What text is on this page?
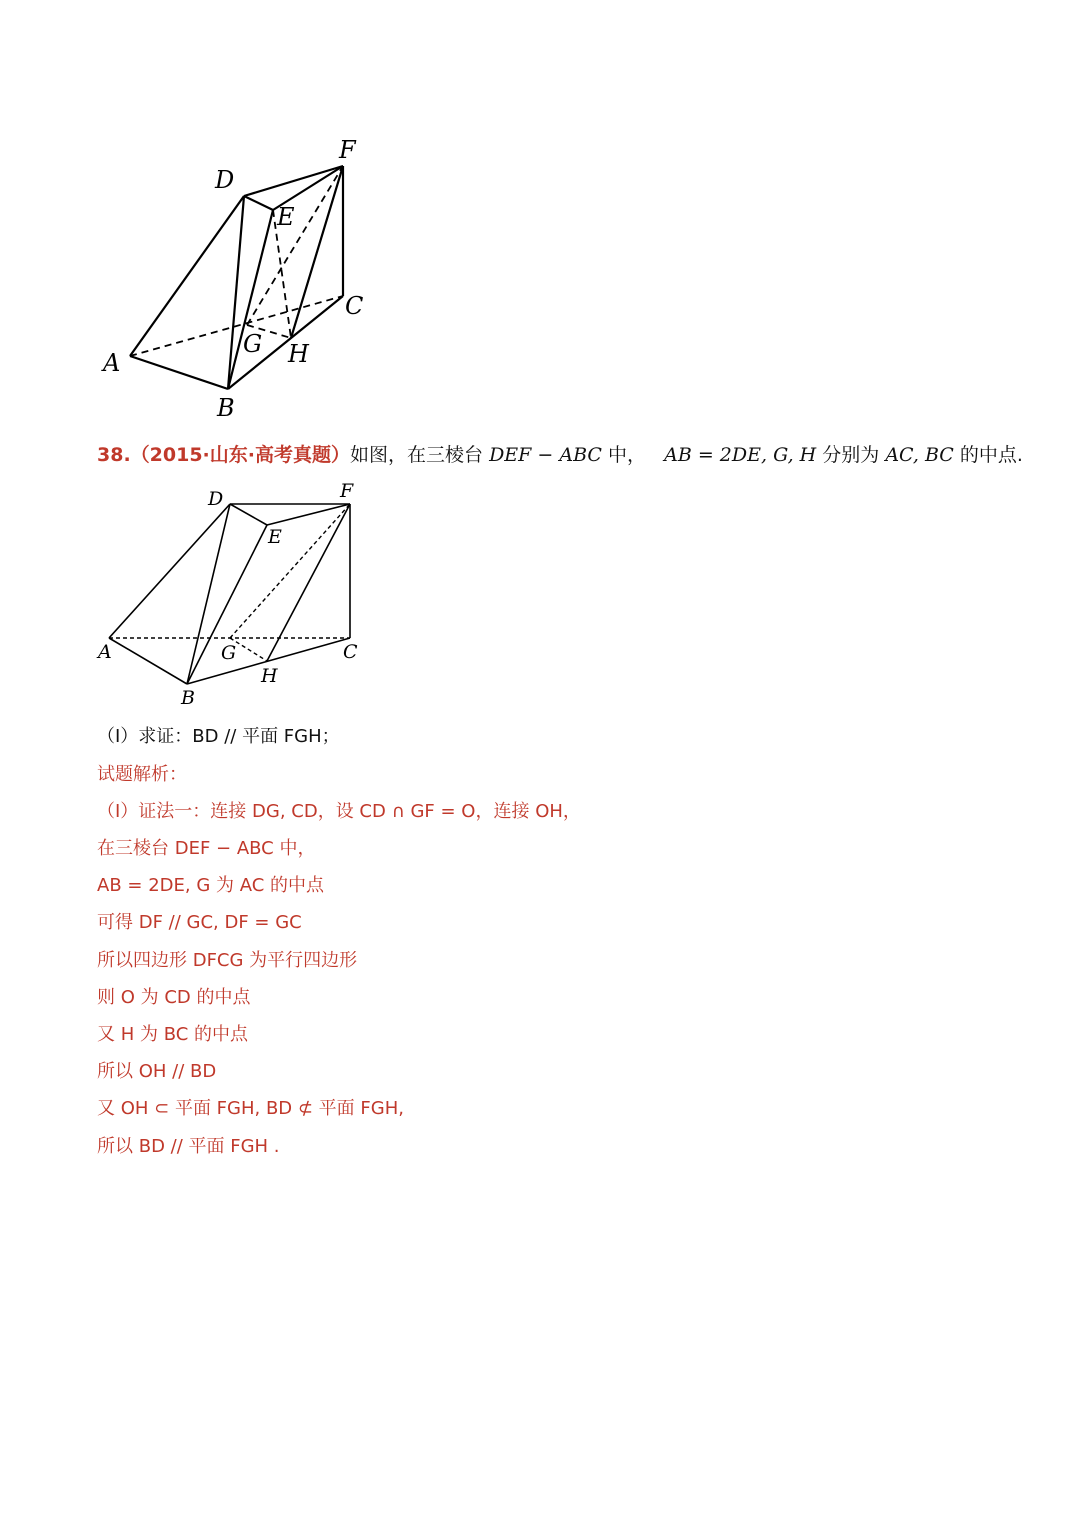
A
B
C
D
E
F
G H
38.（2015·山东·高考真题）如图，在三棱台 DEF − ABC 中， AB = 2DE, G, H 分别为 AC, BC 的中点.
A
B
C
D
E
F
G
H
（Ⅰ）求证：BD // 平面 FGH；
试题解析：
（Ⅰ）证法一：连接 DG, CD，设 CD ∩ GF = O，连接 OH，
在三棱台 DEF − ABC 中，
AB = 2DE, G 为 AC 的中点
可得 DF // GC, DF = GC
所以四边形 DFCG 为平行四边形
则 O 为 CD 的中点
又 H 为 BC 的中点
所以 OH // BD
又 OH ⊂ 平面 FGH, BD ⊄ 平面 FGH,
所以 BD // 平面 FGH .
